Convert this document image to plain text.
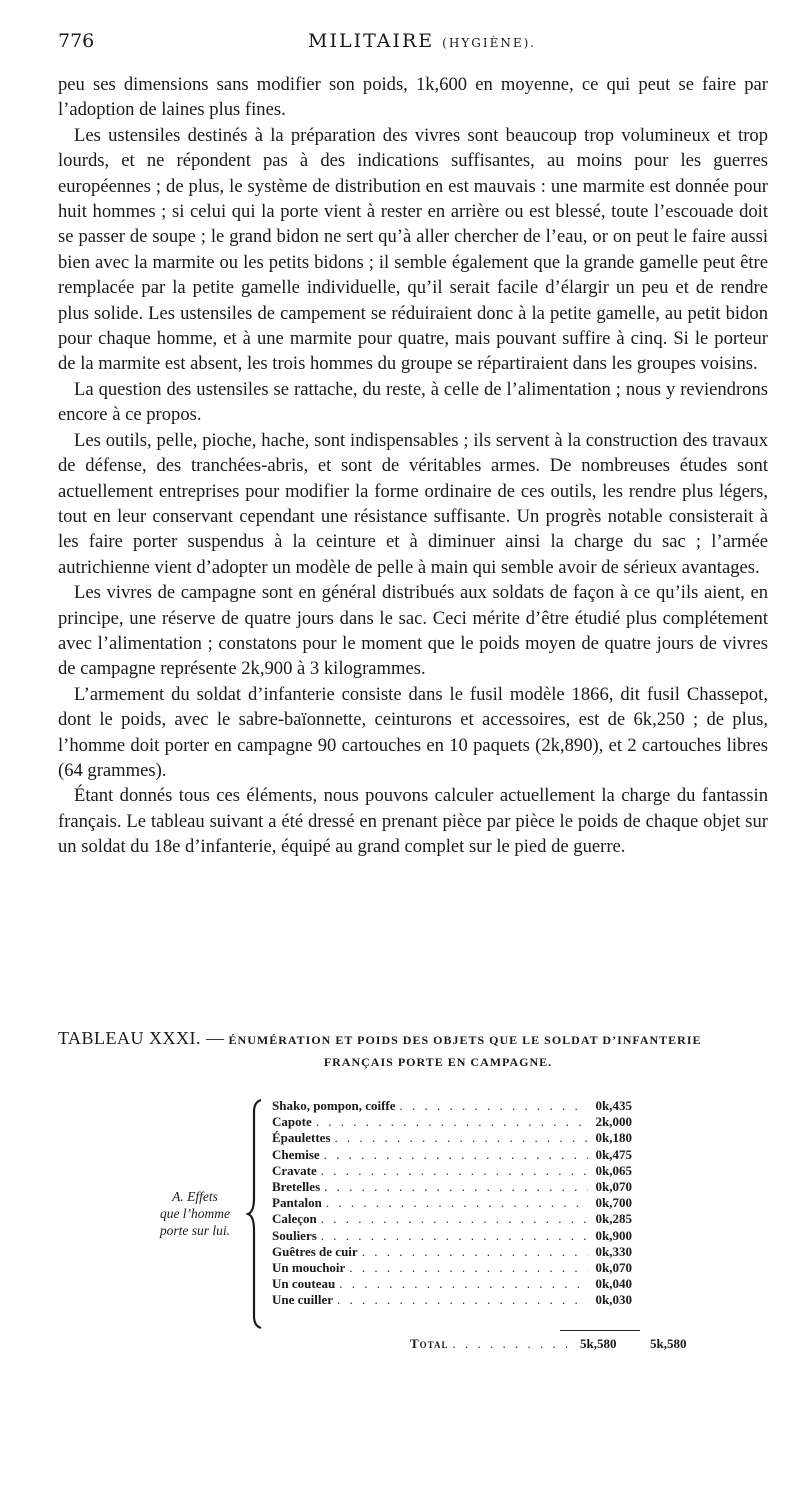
776	MILITAIRE (HYGIÈNE).

peu ses dimensions sans modifier son poids, 1k,600 en moyenne, ce qui peut se faire par l’adoption de laines plus fines.

Les ustensiles destinés à la préparation des vivres sont beaucoup trop volumineux et trop lourds, et ne répondent pas à des indications suffisantes, au moins pour les guerres européennes ; de plus, le système de distribution en est mauvais : une marmite est donnée pour huit hommes ; si celui qui la porte vient à rester en arrière ou est blessé, toute l’escouade doit se passer de soupe ; le grand bidon ne sert qu’à aller chercher de l’eau, or on peut le faire aussi bien avec la marmite ou les petits bidons ; il semble également que la grande gamelle peut être remplacée par la petite gamelle individuelle, qu’il serait facile d’élargir un peu et de rendre plus solide. Les ustensiles de campement se réduiraient donc à la petite gamelle, au petit bidon pour chaque homme, et à une marmite pour quatre, mais pouvant suffire à cinq. Si le porteur de la marmite est absent, les trois hommes du groupe se répartiraient dans les groupes voisins.

La question des ustensiles se rattache, du reste, à celle de l’alimentation ; nous y reviendrons encore à ce propos.

Les outils, pelle, pioche, hache, sont indispensables ; ils servent à la construction des travaux de défense, des tranchées-abris, et sont de véritables armes. De nombreuses études sont actuellement entreprises pour modifier la forme ordinaire de ces outils, les rendre plus légers, tout en leur conservant cependant une résistance suffisante. Un progrès notable consisterait à les faire porter suspendus à la ceinture et à diminuer ainsi la charge du sac ; l’armée autrichienne vient d’adopter un modèle de pelle à main qui semble avoir de sérieux avantages.

Les vivres de campagne sont en général distribués aux soldats de façon à ce qu’ils aient, en principe, une réserve de quatre jours dans le sac. Ceci mérite d’être étudié plus complétement avec l’alimentation ; constatons pour le moment que le poids moyen de quatre jours de vivres de campagne représente 2k,900 à 3 kilogrammes.

L’armement du soldat d’infanterie consiste dans le fusil modèle 1866, dit fusil Chassepot, dont le poids, avec le sabre-baïonnette, ceinturons et accessoires, est de 6k,250 ; de plus, l’homme doit porter en campagne 90 cartouches en 10 paquets (2k,890), et 2 cartouches libres (64 grammes).

Étant donnés tous ces éléments, nous pouvons calculer actuellement la charge du fantassin français. Le tableau suivant a été dressé en prenant pièce par pièce le poids de chaque objet sur un soldat du 18e d’infanterie, équipé au grand complet sur le pied de guerre.

TABLEAU XXXI. — ÉNUMÉRATION ET POIDS DES OBJETS QUE LE SOLDAT D’INFANTERIE
FRANÇAIS PORTE EN CAMPAGNE.
A. Effets
que l’homme
porte sur lui.
Shako, pompon, coiffe . . .	0k,435
Capote . . .	2k,000
Épaulettes . . .	0k,180
Chemise . . .	0k,475
Cravate . . .	0k,065
Bretelles . . .	0k,070
Pantalon . . .	0k,700
Caleçon . . .	0k,285
Souliers . . .	0k,900
Guêtres de cuir . . .	0k,330
Un mouchoir . . .	0k,070
Un couteau . . .	0k,040
Une cuiller . . .	0k,030
Total . . .	5k,580	5k,580
